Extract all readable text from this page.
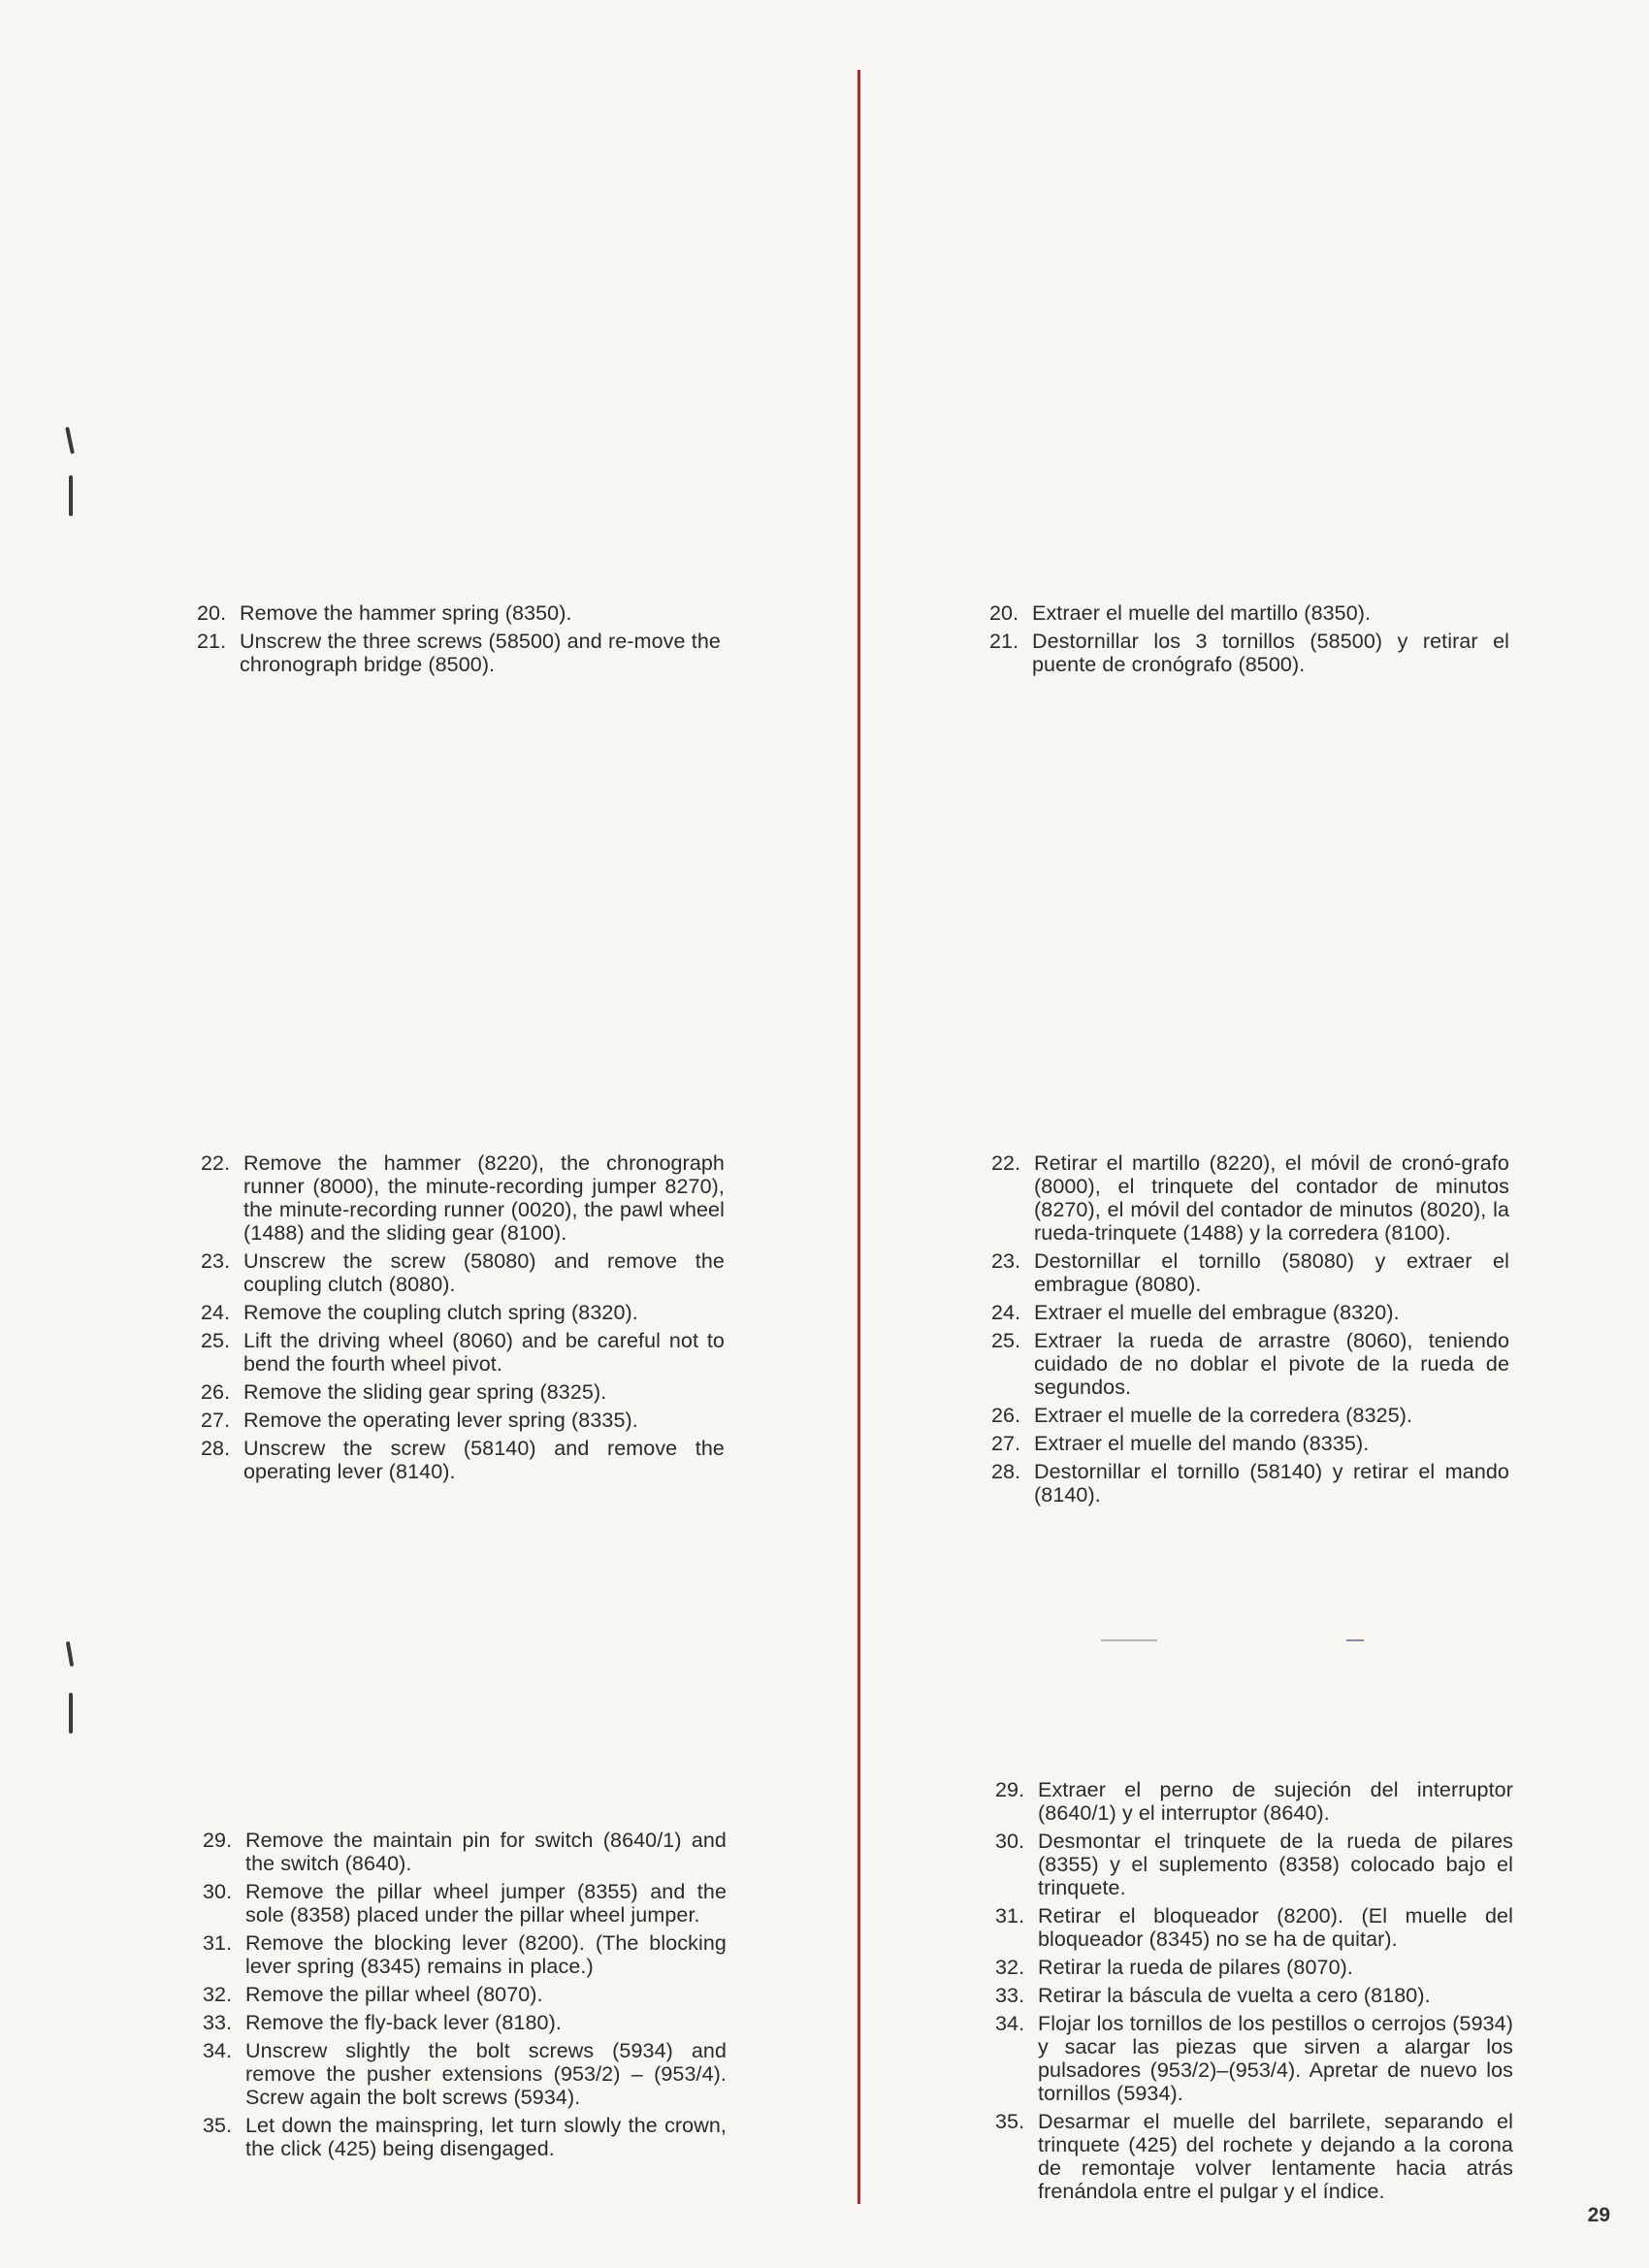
20. Remove the hammer spring (8350).
21. Unscrew the three screws (58500) and re-move the chronograph bridge (8500).
22. Remove the hammer (8220), the chronograph runner (8000), the minute-recording jumper 8270), the minute-recording runner (0020), the pawl wheel (1488) and the sliding gear (8100).
23. Unscrew the screw (58080) and remove the coupling clutch (8080).
24. Remove the coupling clutch spring (8320).
25. Lift the driving wheel (8060) and be careful not to bend the fourth wheel pivot.
26. Remove the sliding gear spring (8325).
27. Remove the operating lever spring (8335).
28. Unscrew the screw (58140) and remove the operating lever (8140).
29. Remove the maintain pin for switch (8640/1) and the switch (8640).
30. Remove the pillar wheel jumper (8355) and the sole (8358) placed under the pillar wheel jumper.
31. Remove the blocking lever (8200). (The blocking lever spring (8345) remains in place.)
32. Remove the pillar wheel (8070).
33. Remove the fly-back lever (8180).
34. Unscrew slightly the bolt screws (5934) and remove the pusher extensions (953/2) – (953/4). Screw again the bolt screws (5934).
35. Let down the mainspring, let turn slowly the crown, the click (425) being disengaged.
20. Extraer el muelle del martillo (8350).
21. Destornillar los 3 tornillos (58500) y retirar el puente de cronógrafo (8500).
22. Retirar el martillo (8220), el móvil de cronó-grafo (8000), el trinquete del contador de minutos (8270), el móvil del contador de minutos (8020), la rueda-trinquete (1488) y la corredera (8100).
23. Destornillar el tornillo (58080) y extraer el embrague (8080).
24. Extraer el muelle del embrague (8320).
25. Extraer la rueda de arrastre (8060), teniendo cuidado de no doblar el pivote de la rueda de segundos.
26. Extraer el muelle de la corredera (8325).
27. Extraer el muelle del mando (8335).
28. Destornillar el tornillo (58140) y retirar el mando (8140).
29. Extraer el perno de sujeción del interruptor (8640/1) y el interruptor (8640).
30. Desmontar el trinquete de la rueda de pilares (8355) y el suplemento (8358) colocado bajo el trinquete.
31. Retirar el bloqueador (8200). (El muelle del bloqueador (8345) no se ha de quitar).
32. Retirar la rueda de pilares (8070).
33. Retirar la báscula de vuelta a cero (8180).
34. Flojar los tornillos de los pestillos o cerrojos (5934) y sacar las piezas que sirven a alargar los pulsadores (953/2)–(953/4). Apretar de nuevo los tornillos (5934).
35. Desarmar el muelle del barrilete, separando el trinquete (425) del rochete y dejando a la corona de remontaje volver lentamente hacia atrás frenándola entre el pulgar y el índice.
29
